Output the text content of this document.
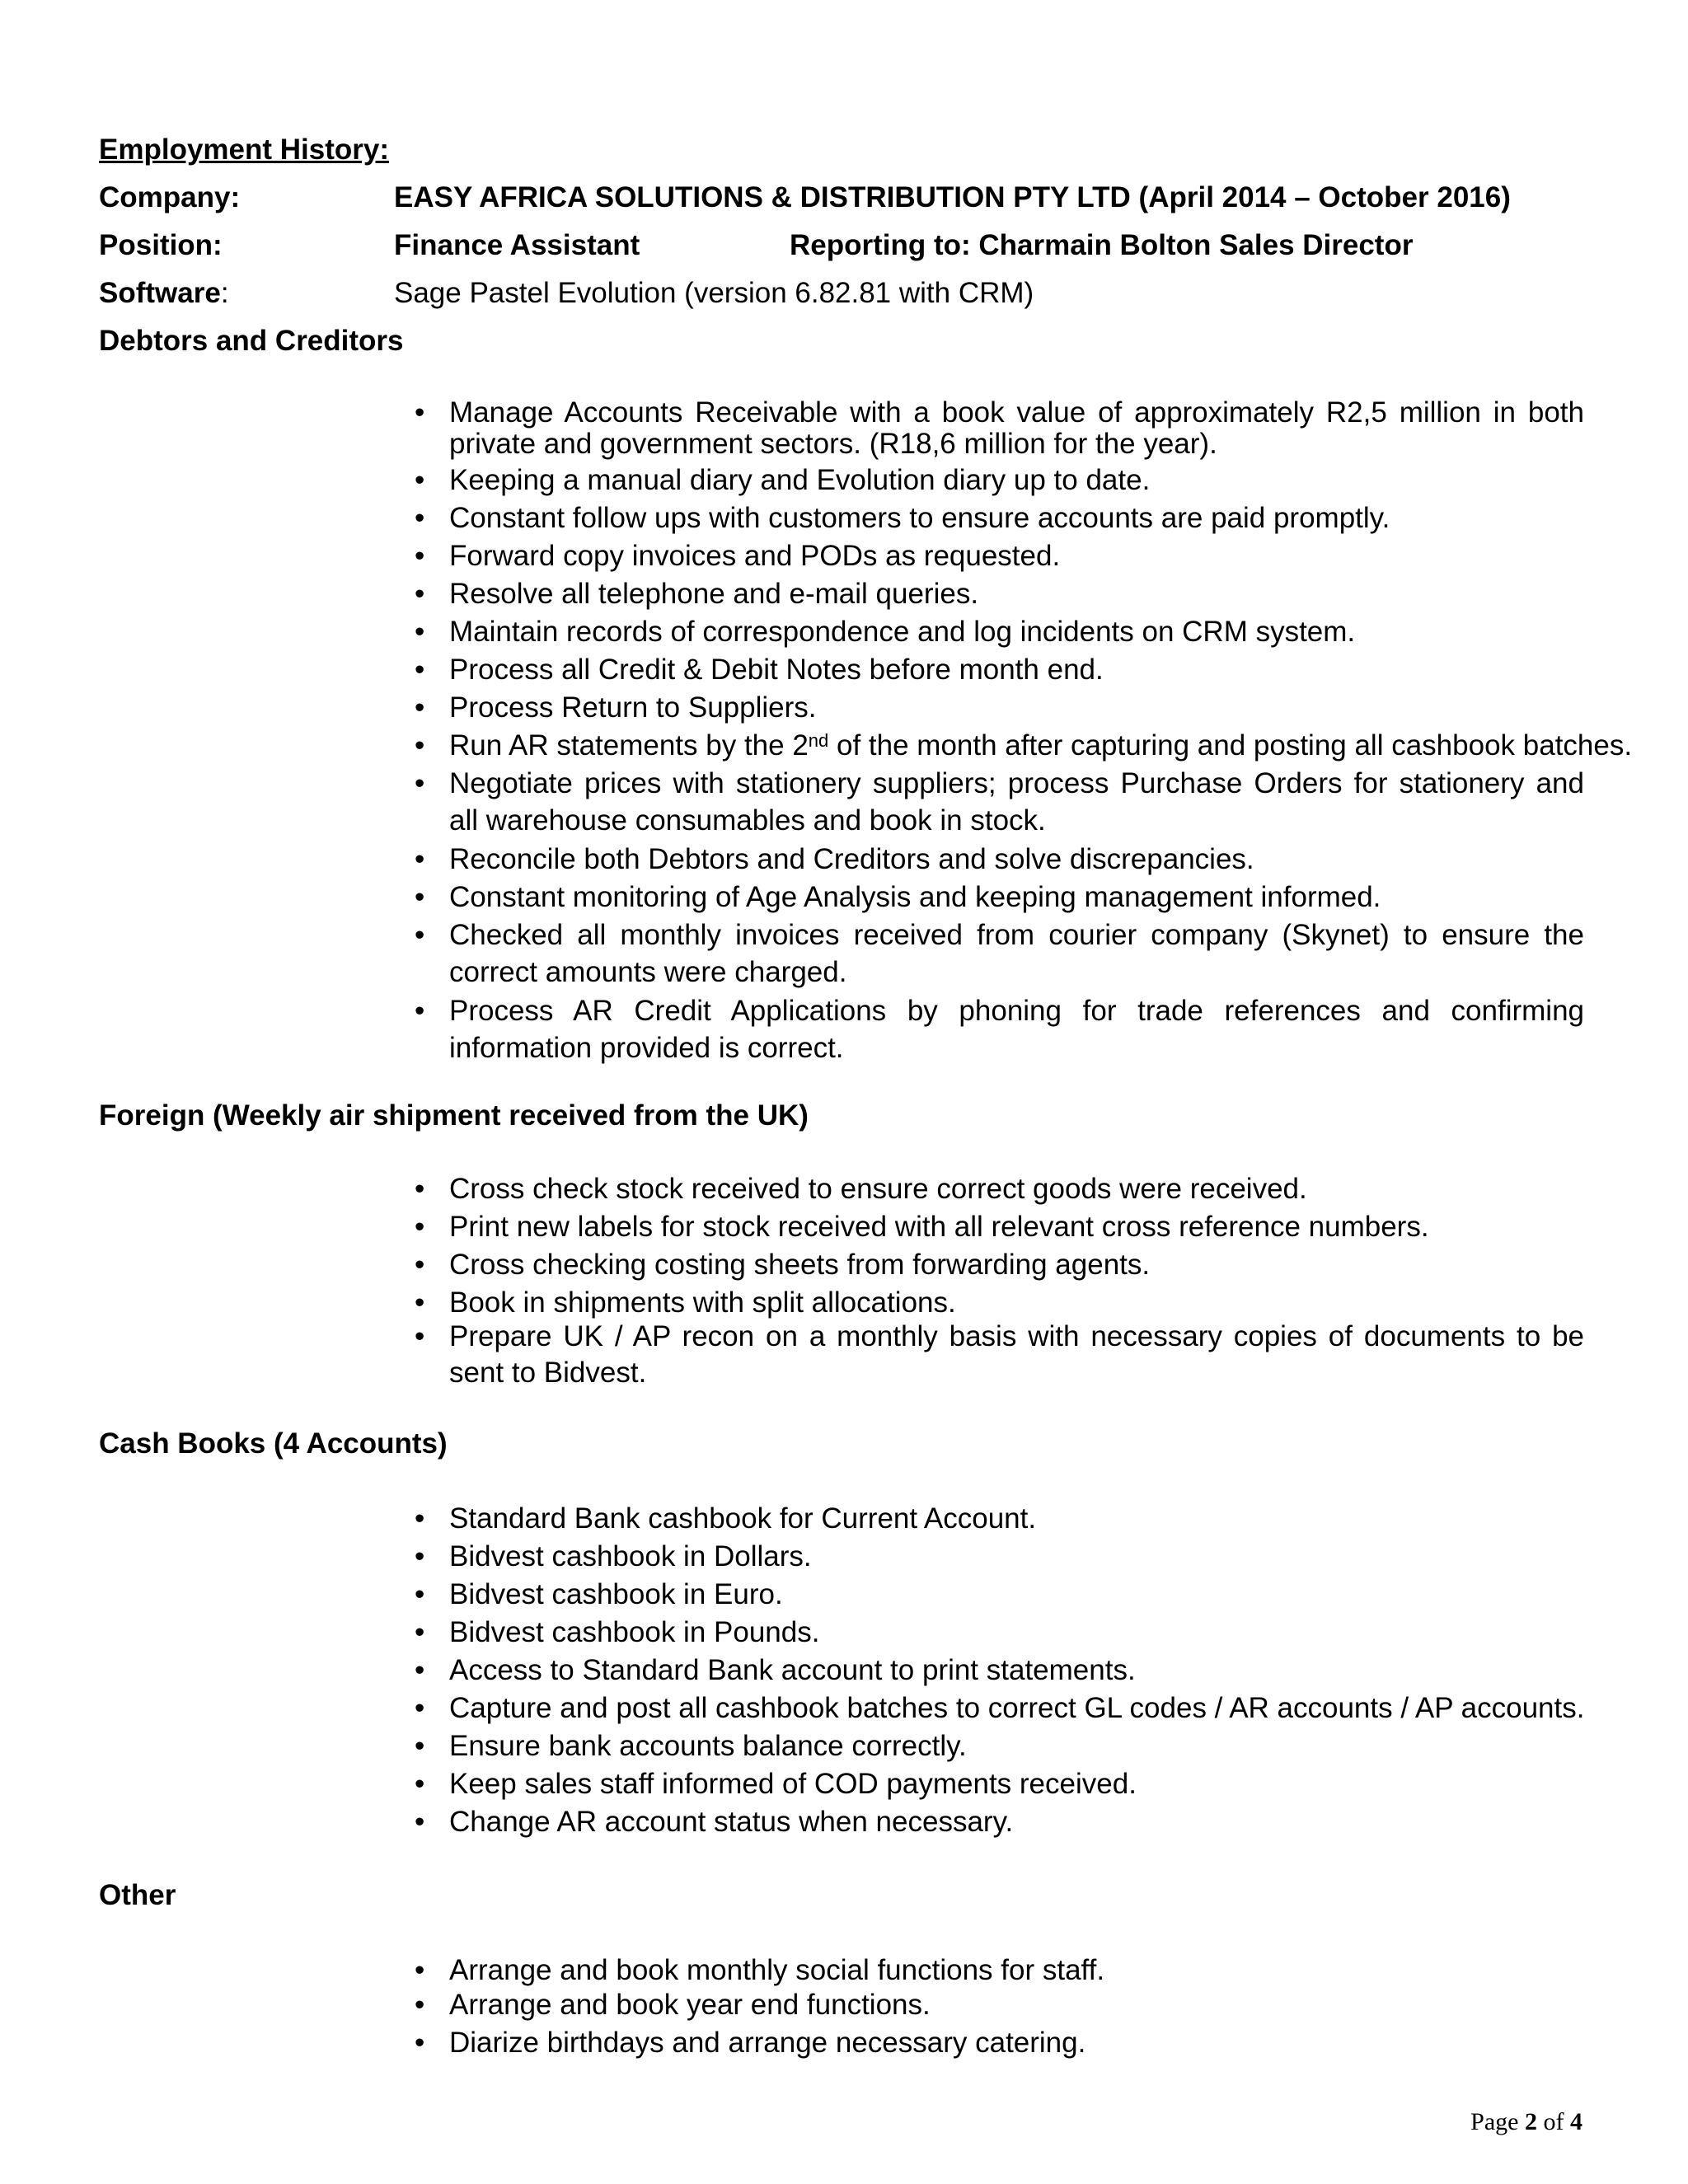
Employment History:
Company:	EASY AFRICA SOLUTIONS & DISTRIBUTION PTY LTD (April 2014 – October 2016)
Position:	Finance Assistant	Reporting to: Charmain Bolton Sales Director
Software:	Sage Pastel Evolution (version 6.82.81 with CRM)
Debtors and Creditors
• Manage Accounts Receivable with a book value of approximately R2,5 million in both private and government sectors. (R18,6 million for the year).
• Keeping a manual diary and Evolution diary up to date.
• Constant follow ups with customers to ensure accounts are paid promptly.
• Forward copy invoices and PODs as requested.
• Resolve all telephone and e-mail queries.
• Maintain records of correspondence and log incidents on CRM system.
• Process all Credit & Debit Notes before month end.
• Process Return to Suppliers.
• Run AR statements by the 2nd of the month after capturing and posting all cashbook batches.
• Negotiate prices with stationery suppliers; process Purchase Orders for stationery and all warehouse consumables and book in stock.
• Reconcile both Debtors and Creditors and solve discrepancies.
• Constant monitoring of Age Analysis and keeping management informed.
• Checked all monthly invoices received from courier company (Skynet) to ensure the correct amounts were charged.
• Process AR Credit Applications by phoning for trade references and confirming information provided is correct.
Foreign (Weekly air shipment received from the UK)
• Cross check stock received to ensure correct goods were received.
• Print new labels for stock received with all relevant cross reference numbers.
• Cross checking costing sheets from forwarding agents.
• Book in shipments with split allocations.
• Prepare UK / AP recon on a monthly basis with necessary copies of documents to be sent to Bidvest.
Cash Books (4 Accounts)
• Standard Bank cashbook for Current Account.
• Bidvest cashbook in Dollars.
• Bidvest cashbook in Euro.
• Bidvest cashbook in Pounds.
• Access to Standard Bank account to print statements.
• Capture and post all cashbook batches to correct GL codes / AR accounts / AP accounts.
• Ensure bank accounts balance correctly.
• Keep sales staff informed of COD payments received.
• Change AR account status when necessary.
Other
• Arrange and book monthly social functions for staff.
• Arrange and book year end functions.
• Diarize birthdays and arrange necessary catering.
Page 2 of 4
